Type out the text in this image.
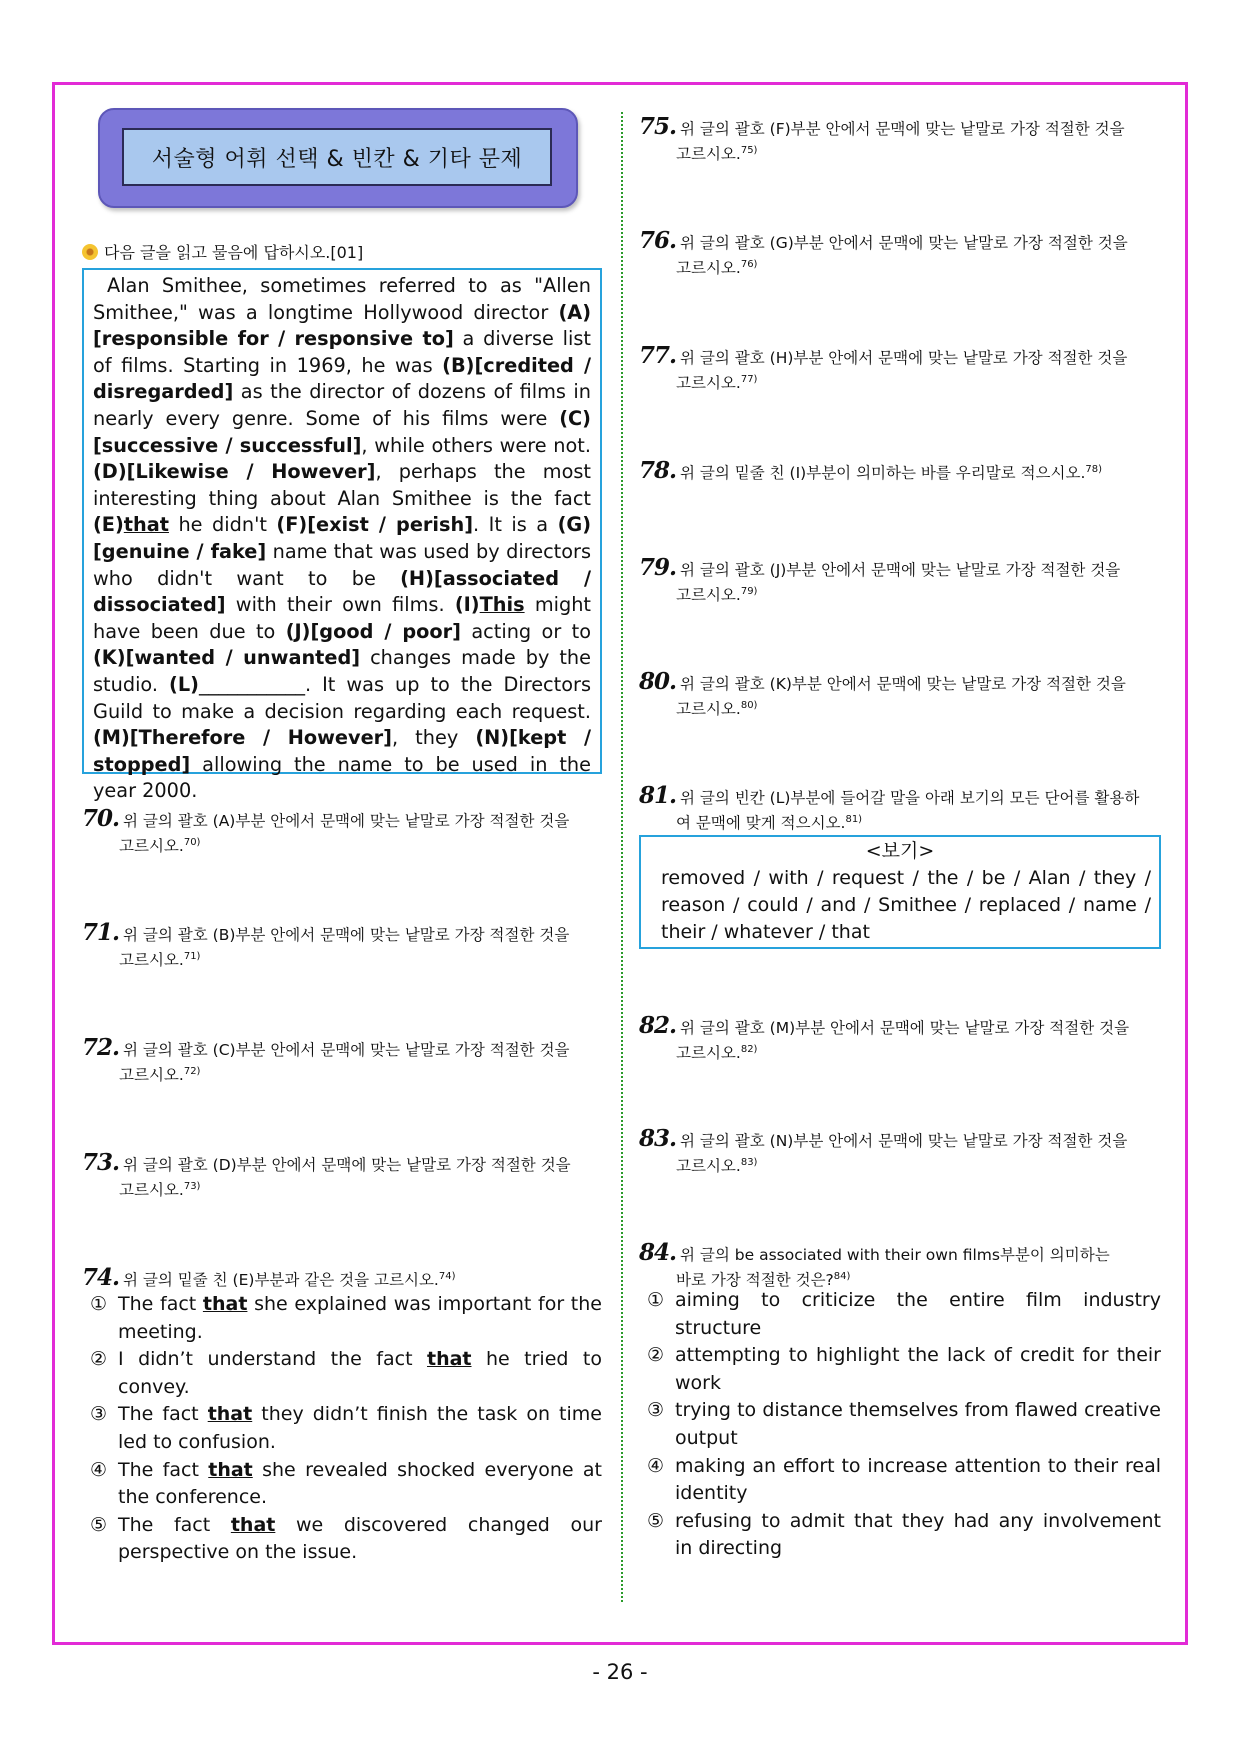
서술형 어휘 선택 & 빈칸 & 기타 문제
다음 글을 읽고 물음에 답하시오.[01]
Alan Smithee, sometimes referred to as "Allen Smithee," was a longtime Hollywood director (A)[responsible for / responsive to] a diverse list of films. Starting in 1969, he was (B)[credited / disregarded] as the director of dozens of films in nearly every genre. Some of his films were (C)[successive / successful], while others were not. (D)[Likewise / However], perhaps the most interesting thing about Alan Smithee is the fact (E)that he didn't (F)[exist / perish]. It is a (G)[genuine / fake] name that was used by directors who didn't want to be (H)[associated / dissociated] with their own films. (I)This might have been due to (J)[good / poor] acting or to (K)[wanted / unwanted] changes made by the studio. (L)___________. It was up to the Directors Guild to make a decision regarding each request. (M)[Therefore / However], they (N)[kept / stopped] allowing the name to be used in the year 2000.
70. 위 글의 괄호 (A)부분 안에서 문맥에 맞는 낱말로 가장 적절한 것을
고르시오.$^{70)}$
71. 위 글의 괄호 (B)부분 안에서 문맥에 맞는 낱말로 가장 적절한 것을
고르시오.$^{71)}$
72. 위 글의 괄호 (C)부분 안에서 문맥에 맞는 낱말로 가장 적절한 것을
고르시오.$^{72)}$
73. 위 글의 괄호 (D)부분 안에서 문맥에 맞는 낱말로 가장 적절한 것을
고르시오.$^{73)}$
74. 위 글의 밑줄 친 (E)부분과 같은 것을 고르시오.$^{74)}$
① The fact that she explained was important for the meeting.
② I didn’t understand the fact that he tried to convey.
③ The fact that they didn’t finish the task on time led to confusion.
④ The fact that she revealed shocked everyone at the conference.
⑤ The fact that we discovered changed our perspective on the issue.
75. 위 글의 괄호 (F)부분 안에서 문맥에 맞는 낱말로 가장 적절한 것을
고르시오.$^{75)}$
76. 위 글의 괄호 (G)부분 안에서 문맥에 맞는 낱말로 가장 적절한 것을
고르시오.$^{76)}$
77. 위 글의 괄호 (H)부분 안에서 문맥에 맞는 낱말로 가장 적절한 것을
고르시오.$^{77)}$
78. 위 글의 밑줄 친 (I)부분이 의미하는 바를 우리말로 적으시오.$^{78)}$
79. 위 글의 괄호 (J)부분 안에서 문맥에 맞는 낱말로 가장 적절한 것을
고르시오.$^{79)}$
80. 위 글의 괄호 (K)부분 안에서 문맥에 맞는 낱말로 가장 적절한 것을
고르시오.$^{80)}$
81. 위 글의 빈칸 (L)부분에 들어갈 말을 아래 보기의 모든 단어를 활용하
여 문맥에 맞게 적으시오.$^{81)}$
<보기>
removed / with / request / the / be / Alan / they / reason / could / and / Smithee / replaced / name / their / whatever / that
82. 위 글의 괄호 (M)부분 안에서 문맥에 맞는 낱말로 가장 적절한 것을
고르시오.$^{82)}$
83. 위 글의 괄호 (N)부분 안에서 문맥에 맞는 낱말로 가장 적절한 것을
고르시오.$^{83)}$
84. 위 글의 be associated with their own films부분이 의미하는
바로 가장 적절한 것은?$^{84)}$
① aiming to criticize the entire film industry structure
② attempting to highlight the lack of credit for their work
③ trying to distance themselves from flawed creative output
④ making an effort to increase attention to their real identity
⑤ refusing to admit that they had any involvement in directing
- 26 -
